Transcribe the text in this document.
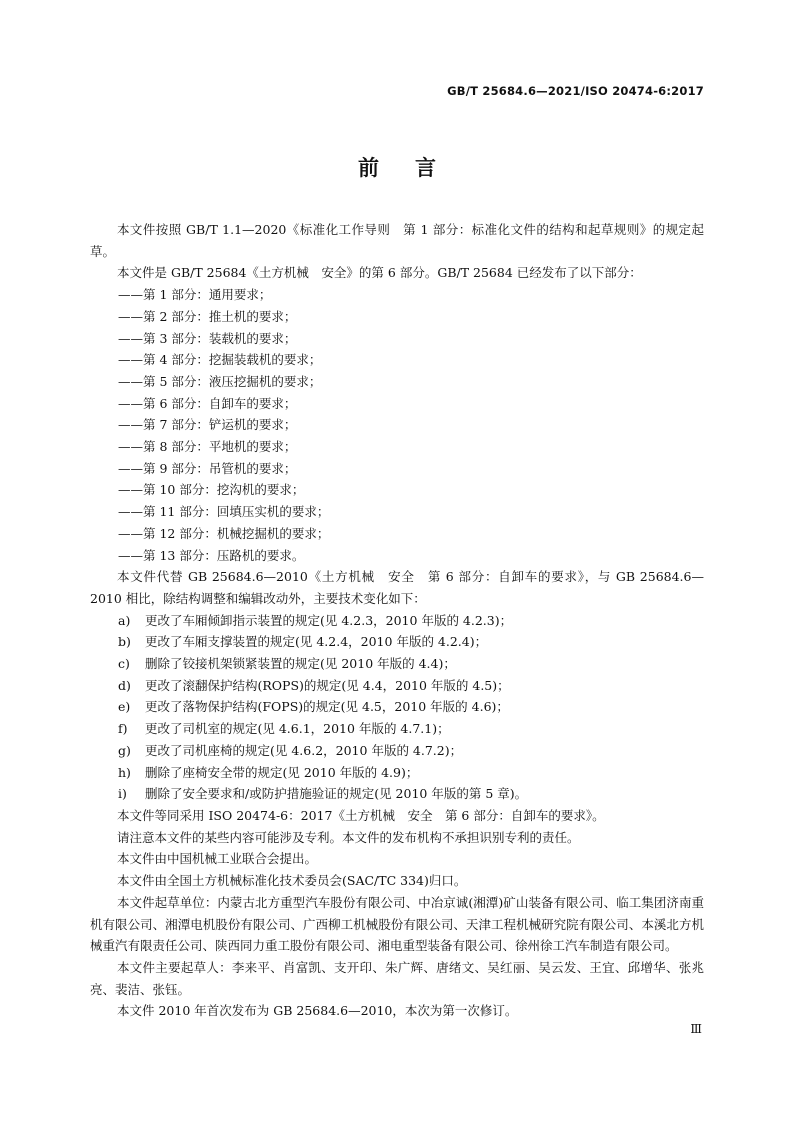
GB/T 25684.6—2021/ISO 20474-6:2017
前 言

本文件按照 GB/T 1.1—2020《标准化工作导则　第 1 部分：标准化文件的结构和起草规则》的规定起草。

本文件是 GB/T 25684《土方机械　安全》的第 6 部分。GB/T 25684 已经发布了以下部分：

——第 1 部分：通用要求；

——第 2 部分：推土机的要求；

——第 3 部分：装载机的要求；

——第 4 部分：挖掘装载机的要求；

——第 5 部分：液压挖掘机的要求；

——第 6 部分：自卸车的要求；

——第 7 部分：铲运机的要求；

——第 8 部分：平地机的要求；

——第 9 部分：吊管机的要求；

——第 10 部分：挖沟机的要求；

——第 11 部分：回填压实机的要求；

——第 12 部分：机械挖掘机的要求；

——第 13 部分：压路机的要求。

本文件代替 GB 25684.6—2010《土方机械　安全　第 6 部分：自卸车的要求》，与 GB 25684.6—2010 相比，除结构调整和编辑改动外，主要技术变化如下：

a) 更改了车厢倾卸指示装置的规定(见 4.2.3，2010 年版的 4.2.3)；

b) 更改了车厢支撑装置的规定(见 4.2.4，2010 年版的 4.2.4)；

c) 删除了铰接机架锁紧装置的规定(见 2010 年版的 4.4)；

d) 更改了滚翻保护结构(ROPS)的规定(见 4.4，2010 年版的 4.5)；

e) 更改了落物保护结构(FOPS)的规定(见 4.5，2010 年版的 4.6)；

f) 更改了司机室的规定(见 4.6.1，2010 年版的 4.7.1)；

g) 更改了司机座椅的规定(见 4.6.2，2010 年版的 4.7.2)；

h) 删除了座椅安全带的规定(见 2010 年版的 4.9)；

i) 删除了安全要求和/或防护措施验证的规定(见 2010 年版的第 5 章)。

本文件等同采用 ISO 20474-6：2017《土方机械　安全　第 6 部分：自卸车的要求》。

请注意本文件的某些内容可能涉及专利。本文件的发布机构不承担识别专利的责任。

本文件由中国机械工业联合会提出。

本文件由全国土方机械标准化技术委员会(SAC/TC 334)归口。

本文件起草单位：内蒙古北方重型汽车股份有限公司、中冶京诚(湘潭)矿山装备有限公司、临工集团济南重机有限公司、湘潭电机股份有限公司、广西柳工机械股份有限公司、天津工程机械研究院有限公司、本溪北方机械重汽有限责任公司、陕西同力重工股份有限公司、湘电重型装备有限公司、徐州徐工汽车制造有限公司。

本文件主要起草人：李来平、肖富凯、支开印、朱广辉、唐绪文、吴红丽、吴云发、王宜、邱增华、张兆亮、裴洁、张钰。

本文件 2010 年首次发布为 GB 25684.6—2010，本次为第一次修订。

Ⅲ
